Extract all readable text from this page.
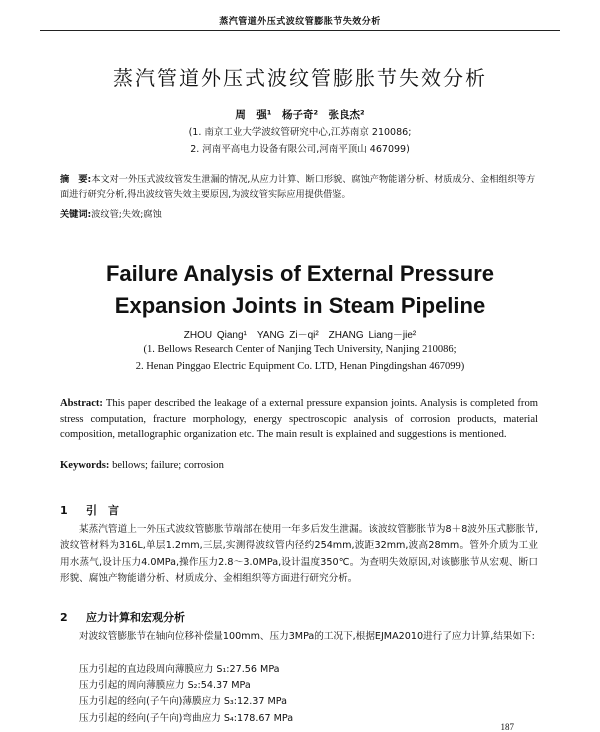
蒸汽管道外压式波纹管膨胀节失效分析
蒸汽管道外压式波纹管膨胀节失效分析
周　强¹　杨子奇²　张良杰²
(1. 南京工业大学波纹管研究中心,江苏南京 210086;
2. 河南平高电力设备有限公司,河南平顶山 467099)
摘　要:本文对一外压式波纹管发生泄漏的情况,从应力计算、断口形貌、腐蚀产物能谱分析、材质成分、金相组织等方面进行研究分析,得出波纹管失效主要原因,为波纹管实际应用提供借鉴。
关键词:波纹管;失效;腐蚀
Failure Analysis of External Pressure
Expansion Joints in Steam Pipeline
ZHOU Qiang¹　YANG Zi－qi²　ZHANG Liang－jie²
(1. Bellows Research Center of Nanjing Tech University, Nanjing 210086;
2. Henan Pinggao Electric Equipment Co. LTD, Henan Pingdingshan 467099)
Abstract: This paper described the leakage of a external pressure expansion joints. Analysis is completed from stress computation, fracture morphology, energy spectroscopic analysis of corrosion products, material composition, metallographic organization etc. The main result is explained and suggestions is mentioned.
Keywords: bellows; failure; corrosion
1 引　言
某蒸汽管道上一外压式波纹管膨胀节端部在使用一年多后发生泄漏。该波纹管膨胀节为8＋8波外压式膨胀节,波纹管材料为316L,单层1.2mm,三层,实测得波纹管内径约254mm,波距32mm,波高28mm。管外介质为工业用水蒸气,设计压力4.0MPa,操作压力2.8～3.0MPa,设计温度350℃。为查明失效原因,对该膨胀节从宏观、断口形貌、腐蚀产物能谱分析、材质成分、金相组织等方面进行研究分析。
2 应力计算和宏观分析
对波纹管膨胀节在轴向位移补偿量100mm、压力3MPa的工况下,根据EJMA2010进行了应力计算,结果如下:
压力引起的直边段周向薄膜应力 S₁:27.56 MPa
压力引起的周向薄膜应力 S₂:54.37 MPa
压力引起的经向(子午向)薄膜应力 S₃:12.37 MPa
压力引起的经向(子午向)弯曲应力 S₄:178.67 MPa
187
